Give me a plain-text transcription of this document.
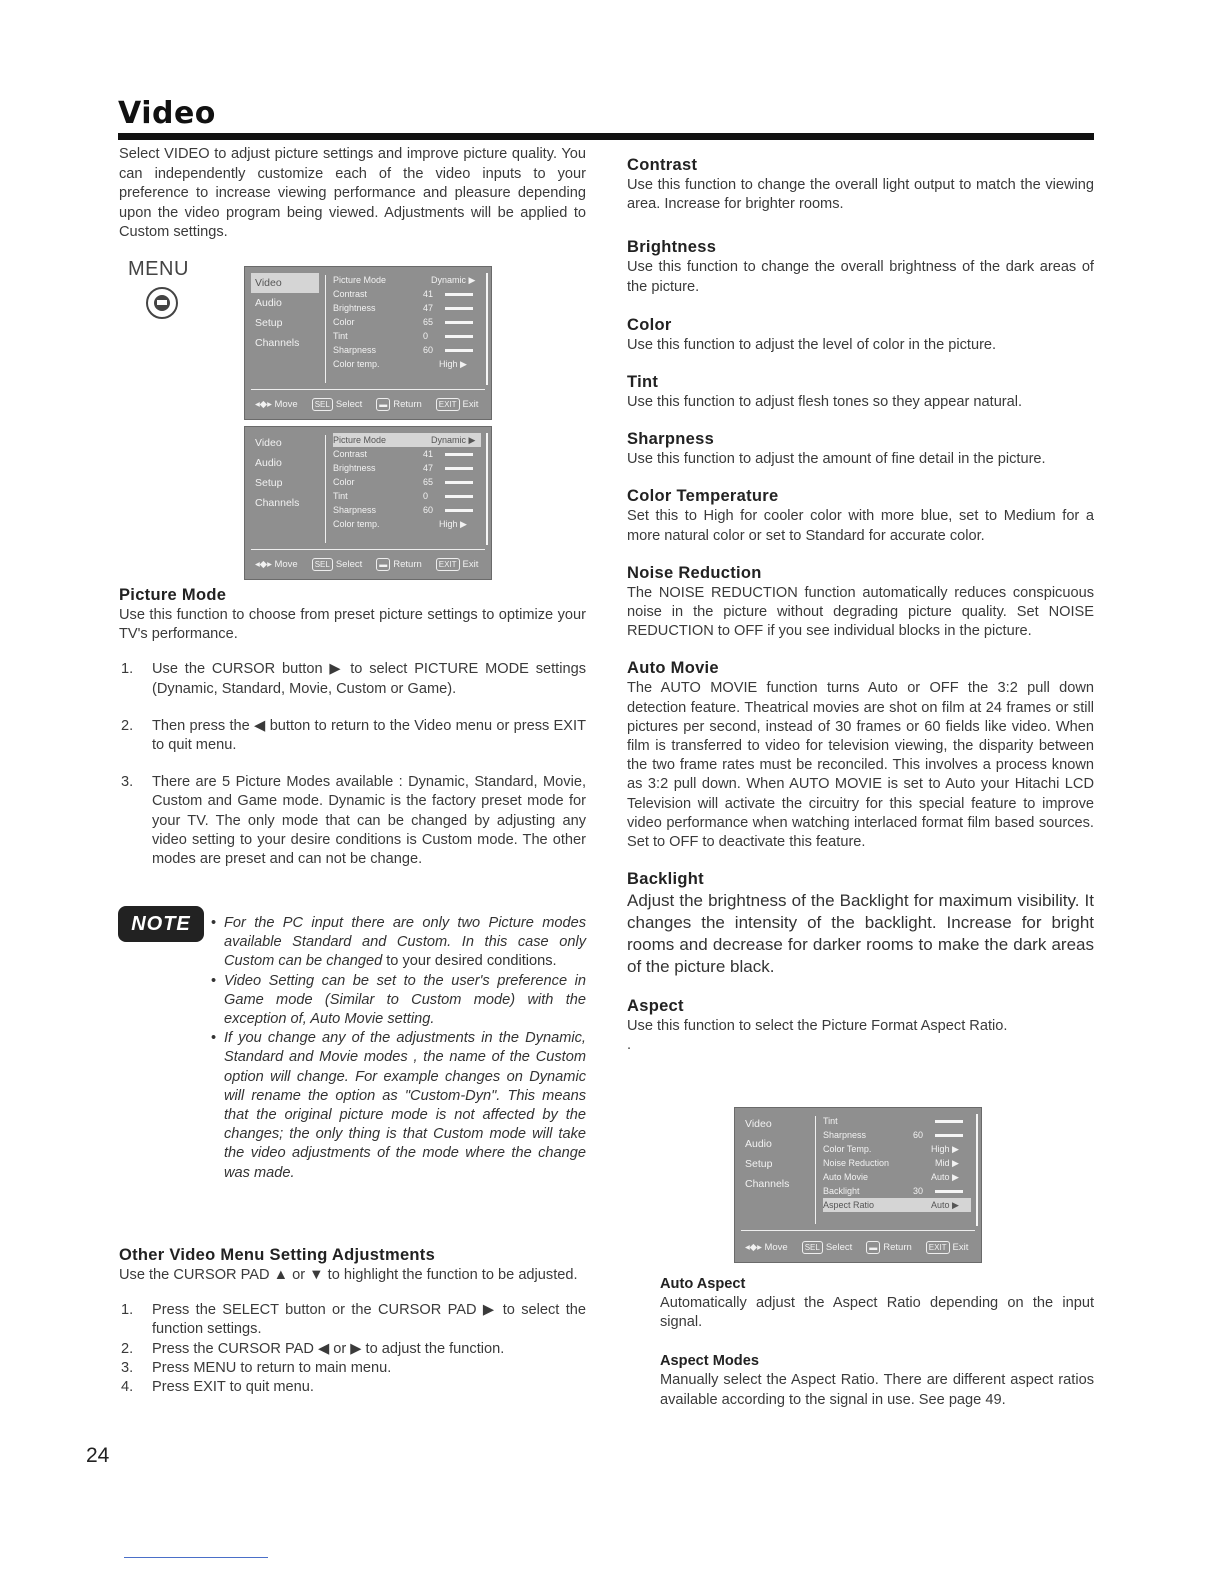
Video

Select VIDEO to adjust picture settings and improve picture quality. You can independently customize each of the video inputs to your preference to increase viewing performance and pleasure depending upon the video program being viewed. Adjustments will be applied to Custom settings.

MENU
Video
Audio
Setup
Channels
Picture Mode	Dynamic ▶
Contrast	41
Brightness	47
Color	65
Tint	0
Sharpness	60
Color temp.	High ▶
◂◆▸ Move	SEL Select	▬ Return	EXIT Exit
Video
Audio
Setup
Channels
Picture Mode	Dynamic ▶
Contrast	41
Brightness	47
Color	65
Tint	0
Sharpness	60
Color temp.	High ▶
◂◆▸ Move	SEL Select	▬ Return	EXIT Exit
Picture Mode

Use this function to choose from preset picture settings to optimize your TV's performance.

1. Use the CURSOR button ▶ to select PICTURE MODE settings (Dynamic, Standard, Movie, Custom or Game).
2. Then press the ◀ button to return to the Video menu or press EXIT to quit menu.
3. There are 5 Picture Modes available : Dynamic, Standard, Movie, Custom and Game mode. Dynamic is the factory preset mode for your TV. The only mode that can be changed by adjusting any video setting to your desire conditions is Custom mode. The other modes are preset and can not be change.
NOTE	• For the PC input there are only two Picture modes available Standard and Custom. In this case only Custom can be changed to your desired conditions.
• Video Setting can be set to the user's preference in Game mode (Similar to Custom mode) with the exception of, Auto Movie setting.
• If you change any of the adjustments in the Dynamic, Standard and Movie modes , the name of the Custom option will change. For example changes on Dynamic will rename the option as "Custom-Dyn". This means that the original picture mode is not affected by the changes; the only thing is that Custom mode will take the video adjustments of the mode where the change was made.
Other Video Menu Setting Adjustments

Use the CURSOR PAD ▲ or ▼ to highlight the function to be adjusted.

1. Press the SELECT button or the CURSOR PAD ▶ to select the function settings.
2. Press the CURSOR PAD ◀ or ▶ to adjust the function.
3. Press MENU to return to main menu.
4. Press EXIT to quit menu.
Contrast

Use this function to change the overall light output to match the viewing area. Increase for brighter rooms.

Brightness

Use this function to change the overall brightness of the dark areas of the picture.

Color

Use this function to adjust the level of color in the picture.

Tint

Use this function to adjust flesh tones so they appear natural.

Sharpness

Use this function to adjust the amount of fine detail in the picture.

Color Temperature

Set this to High for cooler color with more blue, set to Medium for a more natural color or set to Standard for accurate color.

Noise Reduction

The NOISE REDUCTION function automatically reduces conspicuous noise in the picture without degrading picture quality. Set NOISE REDUCTION to OFF if you see individual blocks in the picture.

Auto Movie

The AUTO MOVIE function turns Auto or OFF the 3:2 pull down detection feature. Theatrical movies are shot on film at 24 frames or still pictures per second, instead of 30 frames or 60 fields like video. When film is transferred to video for television viewing, the disparity between the two frame rates must be reconciled. This involves a process known as 3:2 pull down. When AUTO MOVIE is set to Auto your Hitachi LCD Television will activate the circuitry for this special feature to improve video performance when watching interlaced format film based sources. Set to OFF to deactivate this feature.

Backlight

Adjust the brightness of the Backlight for maximum visibility. It changes the intensity of the backlight. Increase for bright rooms and decrease for darker rooms to make the dark areas of the picture black.

Aspect

Use this function to select the Picture Format Aspect Ratio.

.

Video
Audio
Setup
Channels
Tint
Sharpness	60
Color Temp.	High ▶
Noise Reduction	Mid ▶
Auto Movie	Auto ▶
Backlight	30
Aspect Ratio	Auto ▶
◂◆▸ Move	SEL Select	▬ Return	EXIT Exit
Auto Aspect

Automatically adjust the Aspect Ratio depending on the input signal.

Aspect Modes

Manually select the Aspect Ratio. There are different aspect ratios available according to the signal in use. See page 49.

24
